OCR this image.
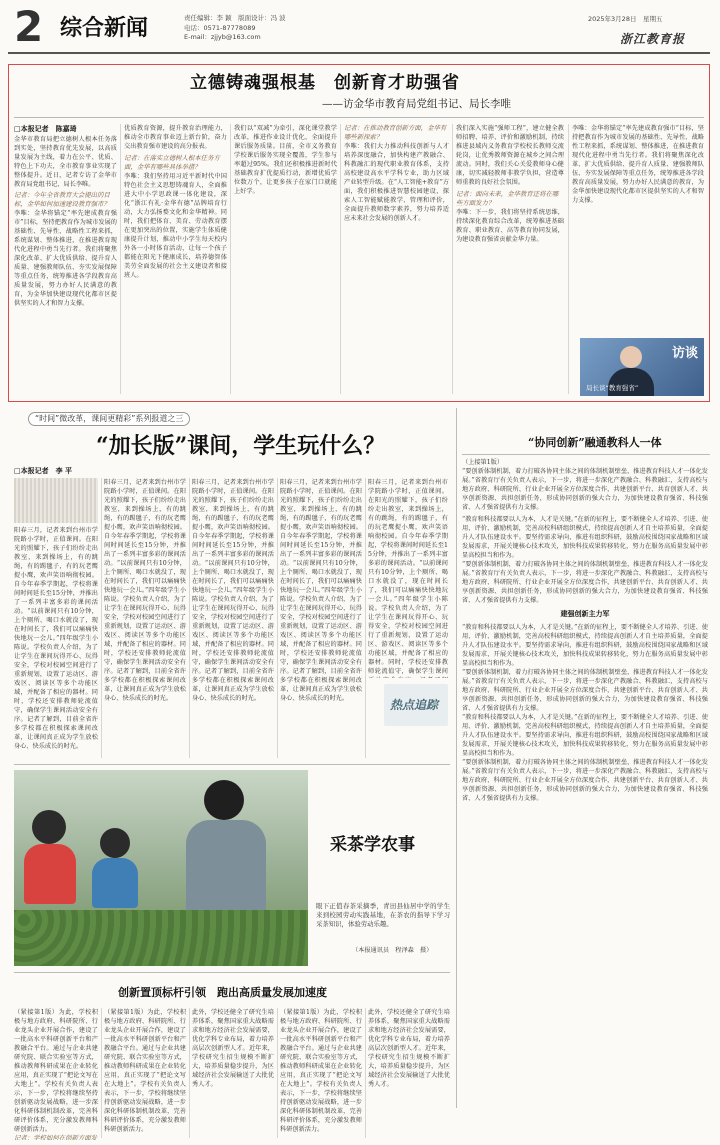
2 综合新闻	责任编辑：李 颖　版面设计：冯 波
电话：0571-87778089
E-mail：zjjyb@163.com
2025年3月28日　星期五
浙江教育报
立德铸魂强根基　创新育才助强省
——访金华市教育局党组书记、局长李唯
□本报记者　陈嘉琦
金华市教育局把立德树人根本任务落到实处，坚持教育优先发展，以高质量发展为主线，着力在公平、优质、特色上下功夫，全市教育事业实现了整体提升。近日，记者专访了金华市教育局党组书记、局长李唯。
记者：今年全省教育大会提出的目标，金华如何加速建设教育强市？
李唯：金华将锚定“率先建成教育强市”目标，坚持把教育作为城市发展的基础性、先导性、战略性工程来抓，系统谋划、整体推进，在推进教育现代化进程中勇当先行者。我们将聚焦深化改革、扩大优质供给、提升育人质量、建强教师队伍、夯实发展保障等重点任务，统筹推进各学段教育高质量发展，努力办好人民满意的教育，为金华加快建设现代化都市区提供坚实的人才和智力支撑。
优质教育资源，提升教育治理能力，推动全市教育事业迈上新台阶，奋力交出教育强市建设的高分报表。
记者：在落实立德树人根本任务方面，金华有哪些具体举措？
李唯：我们坚持用习近平新时代中国特色社会主义思想铸魂育人，全面推进大中小学思政课一体化建设，深化“浙江有礼·金华有德”品牌培育行动，大力弘扬婺文化和金华精神。同时，我们把体育、美育、劳动教育摆在更加突出的位置，实施学生体质健康提升计划，推动中小学生每天校内外各一小时体育活动，让每一个孩子都能在阳光下健康成长，培养德智体美劳全面发展的社会主义建设者和接班人。
我们以“双减”为牵引，深化课堂教学改革，推进作业设计优化，全面提升课后服务质量。目前，全市义务教育学校课后服务实现全覆盖，学生参与率超过95%。我们还积极推进新时代基础教育扩优提质行动，新增优质学位数万个，让更多孩子在家门口就能上好学。
记者：在推动教育创新方面，金华有哪些新探索？
李唯：我们大力推动科技创新与人才培养深度融合，加快构建产教融合、科教融汇的现代职业教育体系，支持高校建设高水平学科专业，助力区域产业转型升级。在“人工智能+教育”方面，我们积极推进智慧校园建设，探索人工智能赋能教学、管理和评价，全面提升教师数字素养，努力培养适应未来社会发展的创新人才。
我们深入实施“强师工程”，建立健全教师招聘、培养、评价和激励机制，持续推进县域内义务教育学校校长教师交流轮岗，让优秀教师资源在城乡之间合理流动。同时，我们关心关爱教师身心健康，切实减轻教师非教学负担，营造尊师重教的良好社会氛围。
记者：面向未来，金华教育还将在哪些方面发力？
李唯：下一步，我们将坚持系统思维，持续深化教育综合改革，统筹推进基础教育、职业教育、高等教育协同发展，为建设教育强省贡献金华力量。
李唯：金华将锚定“率先建成教育强市”目标，坚持把教育作为城市发展的基础性、先导性、战略性工程来抓，系统谋划、整体推进，在推进教育现代化进程中勇当先行者。我们将聚焦深化改革、扩大优质供给、提升育人质量、建强教师队伍、夯实发展保障等重点任务，统筹推进各学段教育高质量发展，努力办好人民满意的教育，为金华加快建设现代化都市区提供坚实的人才和智力支撑。
访谈
局长谈“教育强省”
“时间”微改革，课间更精彩”系列报道之三
“加长版”课间，学生玩什么？
□本报记者　李 平
阳春三月，记者来到台州市学院路小学时，正值课间。在阳光的照耀下，孩子们纷纷走出教室，来到操场上，有的跳绳，有的踢毽子，有的玩老鹰捉小鹰，欢声笑语响彻校园。自今年春季学期起，学校将课间时间延长至15分钟，并推出了一系列丰富多彩的课间活动。“以前课间只有10分钟，上个厕所、喝口水就没了，现在时间长了，我们可以痛痛快快地玩一会儿。”四年级学生小陈说。学校负责人介绍，为了让学生在课间玩得开心、玩得安全，学校对校园空间进行了重新规划，设置了运动区、游戏区、阅读区等多个功能区域，并配备了相应的器材。同时，学校还安排教师轮流值守，确保学生课间活动安全有序。记者了解到，目前全省许多学校都在积极探索课间改革，让课间真正成为学生放松身心、快乐成长的时光。
阳春三月，记者来到台州市学院路小学时，正值课间。在阳光的照耀下，孩子们纷纷走出教室，来到操场上，有的跳绳，有的踢毽子，有的玩老鹰捉小鹰，欢声笑语响彻校园。自今年春季学期起，学校将课间时间延长至15分钟，并推出了一系列丰富多彩的课间活动。“以前课间只有10分钟，上个厕所、喝口水就没了，现在时间长了，我们可以痛痛快快地玩一会儿。”四年级学生小陈说。学校负责人介绍，为了让学生在课间玩得开心、玩得安全，学校对校园空间进行了重新规划，设置了运动区、游戏区、阅读区等多个功能区域，并配备了相应的器材。同时，学校还安排教师轮流值守，确保学生课间活动安全有序。记者了解到，目前全省许多学校都在积极探索课间改革，让课间真正成为学生放松身心、快乐成长的时光。
阳春三月，记者来到台州市学院路小学时，正值课间。在阳光的照耀下，孩子们纷纷走出教室，来到操场上，有的跳绳，有的踢毽子，有的玩老鹰捉小鹰，欢声笑语响彻校园。自今年春季学期起，学校将课间时间延长至15分钟，并推出了一系列丰富多彩的课间活动。“以前课间只有10分钟，上个厕所、喝口水就没了，现在时间长了，我们可以痛痛快快地玩一会儿。”四年级学生小陈说。学校负责人介绍，为了让学生在课间玩得开心、玩得安全，学校对校园空间进行了重新规划，设置了运动区、游戏区、阅读区等多个功能区域，并配备了相应的器材。同时，学校还安排教师轮流值守，确保学生课间活动安全有序。记者了解到，目前全省许多学校都在积极探索课间改革，让课间真正成为学生放松身心、快乐成长的时光。
阳春三月，记者来到台州市学院路小学时，正值课间。在阳光的照耀下，孩子们纷纷走出教室，来到操场上，有的跳绳，有的踢毽子，有的玩老鹰捉小鹰，欢声笑语响彻校园。自今年春季学期起，学校将课间时间延长至15分钟，并推出了一系列丰富多彩的课间活动。“以前课间只有10分钟，上个厕所、喝口水就没了，现在时间长了，我们可以痛痛快快地玩一会儿。”四年级学生小陈说。学校负责人介绍，为了让学生在课间玩得开心、玩得安全，学校对校园空间进行了重新规划，设置了运动区、游戏区、阅读区等多个功能区域，并配备了相应的器材。同时，学校还安排教师轮流值守，确保学生课间活动安全有序。记者了解到，目前全省许多学校都在积极探索课间改革，让课间真正成为学生放松身心、快乐成长的时光。
阳春三月，记者来到台州市学院路小学时，正值课间。在阳光的照耀下，孩子们纷纷走出教室，来到操场上，有的跳绳，有的踢毽子，有的玩老鹰捉小鹰，欢声笑语响彻校园。自今年春季学期起，学校将课间时间延长至15分钟，并推出了一系列丰富多彩的课间活动。“以前课间只有10分钟，上个厕所、喝口水就没了，现在时间长了，我们可以痛痛快快地玩一会儿。”四年级学生小陈说。学校负责人介绍，为了让学生在课间玩得开心、玩得安全，学校对校园空间进行了重新规划，设置了运动区、游戏区、阅读区等多个功能区域，并配备了相应的器材。同时，学校还安排教师轮流值守，确保学生课间
热点追踪
“协同创新”融通教科人一体
（上接第1版）
“要创新体制机制，着力打破各协同主体之间的体制机制壁垒，推进教育科技人才一体化发展。”省教育厅有关负责人表示，下一步，将进一步深化产教融合、科教融汇，支持高校与地方政府、科研院所、行业企业开展全方位深度合作，共建创新平台、共育创新人才、共享创新资源、共担创新任务，形成协同创新的强大合力，为加快建设教育强省、科技强省、人才强省提供有力支撑。
“教育和科技都要以人为本，人才是关键。”在新的征程上，要不断健全人才培养、引进、使用、评价、激励机制，完善高校科研组织模式，持续提高创新人才自主培养质量，全面提升人才队伍建设水平。要坚持需求导向，推进有组织科研，鼓励高校围绕国家战略和区域发展需求，开展关键核心技术攻关，加快科技成果转移转化，努力在服务高质量发展中彰显高校担当和作为。
“要创新体制机制，着力打破各协同主体之间的体制机制壁垒，推进教育科技人才一体化发展。”省教育厅有关负责人表示，下一步，将进一步深化产教融合、科教融汇，支持高校与地方政府、科研院所、行业企业开展全方位深度合作，共建创新平台、共育创新人才、共享创新资源、共担创新任务，形成协同创新的强大合力，为加快建设教育强省、科技强省、人才强省提供有力支撑。
建强创新主力军
“教育和科技都要以人为本，人才是关键。”在新的征程上，要不断健全人才培养、引进、使用、评价、激励机制，完善高校科研组织模式，持续提高创新人才自主培养质量，全面提升人才队伍建设水平。要坚持需求导向，推进有组织科研，鼓励高校围绕国家战略和区域发展需求，开展关键核心技术攻关，加快科技成果转移转化，努力在服务高质量发展中彰显高校担当和作为。
“要创新体制机制，着力打破各协同主体之间的体制机制壁垒，推进教育科技人才一体化发展。”省教育厅有关负责人表示，下一步，将进一步深化产教融合、科教融汇，支持高校与地方政府、科研院所、行业企业开展全方位深度合作，共建创新平台、共育创新人才、共享创新资源、共担创新任务，形成协同创新的强大合力，为加快建设教育强省、科技强省、人才强省提供有力支撑。
“教育和科技都要以人为本，人才是关键。”在新的征程上，要不断健全人才培养、引进、使用、评价、激励机制，完善高校科研组织模式，持续提高创新人才自主培养质量，全面提升人才队伍建设水平。要坚持需求导向，推进有组织科研，鼓励高校围绕国家战略和区域发展需求，开展关键核心技术攻关，加快科技成果转移转化，努力在服务高质量发展中彰显高校担当和作为。
“要创新体制机制，着力打破各协同主体之间的体制机制壁垒，推进教育科技人才一体化发展。”省教育厅有关负责人表示，下一步，将进一步深化产教融合、科教融汇，支持高校与地方政府、科研院所、行业企业开展全方位深度合作，共建创新平台、共育创新人才、共享创新资源、共担创新任务，形成协同创新的强大合力，为加快建设教育强省、科技强省、人才强省提供有力支撑。
采茶学农事
眼下正值春茶采摘季，青田县仙居中学的学生来到校园劳动实践基地，在茶农的指导下学习采茶知识，体验劳动乐趣。
（本报通讯员　程泽森　摄）
创新置顶标杆引领　跑出高质量发展加速度
（紧接第1版）为此，学校积极与地方政府、科研院所、行业龙头企业开展合作，建设了一批高水平科研创新平台和产教融合平台。通过与企业共建研究院、联合实验室等方式，推动教师科研成果在企业转化应用，真正实现了“把论文写在大地上”。学校有关负责人表示，下一步，学校将继续坚持创新驱动发展战略，进一步深化科研体制机制改革，完善科研评价体系，充分激发教师科研创新活力。
记者：学校如何在创新方面发
（紧接第1版）为此，学校积极与地方政府、科研院所、行业龙头企业开展合作，建设了一批高水平科研创新平台和产教融合平台。通过与企业共建研究院、联合实验室等方式，推动教师科研成果在企业转化应用，真正实现了“把论文写在大地上”。学校有关负责人表示，下一步，学校将继续坚持创新驱动发展战略，进一步深化科研体制机制改革，完善科研评价体系，充分激发教师科研创新活力。
此外，学校还健全了研究生培养体系，聚焦国家重大战略需求和地方经济社会发展需要，优化学科专业布局，着力培养高层次创新型人才。近年来，学校研究生招生规模不断扩大，培养质量稳步提升，为区域经济社会发展输送了大批优秀人才。
（紧接第1版）为此，学校积极与地方政府、科研院所、行业龙头企业开展合作，建设了一批高水平科研创新平台和产教融合平台。通过与企业共建研究院、联合实验室等方式，推动教师科研成果在企业转化应用，真正实现了“把论文写在大地上”。学校有关负责人表示，下一步，学校将继续坚持创新驱动发展战略，进一步深化科研体制机制改革，完善科研评价体系，充分激发教师科研创新活力。
此外，学校还健全了研究生培养体系，聚焦国家重大战略需求和地方经济社会发展需要，优化学科专业布局，着力培养高层次创新型人才。近年来，学校研究生招生规模不断扩大，培养质量稳步提升，为区域经济社会发展输送了大批优秀人才。
